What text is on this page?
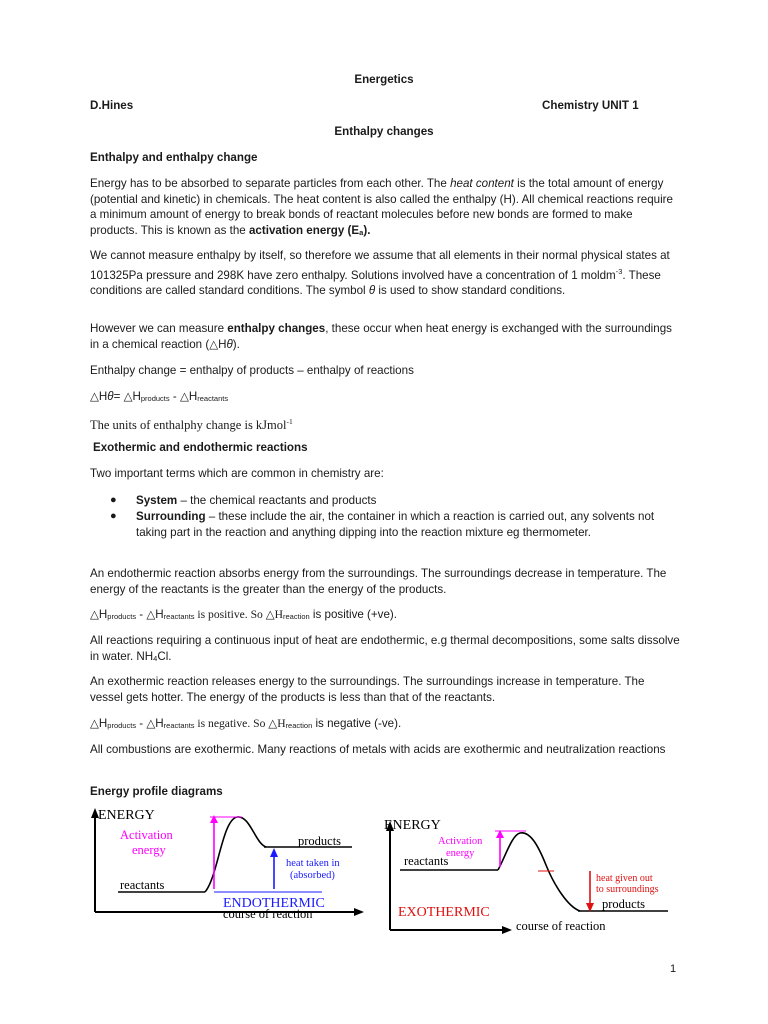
Energetics
D.Hines	Chemistry UNIT 1
Enthalpy changes
Enthalpy and enthalpy change
Energy has to be absorbed to separate particles from each other. The heat content is the total amount of energy (potential and kinetic) in chemicals. The heat content is also called the enthalpy (H). All chemical reactions require a minimum amount of energy to break bonds of reactant molecules before new bonds are formed to make products. This is known as the activation energy (Ea).
We cannot measure enthalpy by itself, so therefore we assume that all elements in their normal physical states at 101325Pa pressure and 298K have zero enthalpy. Solutions involved have a concentration of 1 moldm$^{-3}$. These conditions are called standard conditions. The symbol θ is used to show standard conditions.
However we can measure enthalpy changes, these occur when heat energy is exchanged with the surroundings in a chemical reaction (△Hθ).
Enthalpy change = enthalpy of products – enthalpy of reactions
△Hθ= △Hproducts - △Hreactants
The units of enthalphy change is kJmol$^{-1}$
Exothermic and endothermic reactions
Two important terms which are common in chemistry are:
● System – the chemical reactants and products
● Surrounding – these include the air, the container in which a reaction is carried out, any solvents not taking part in the reaction and anything dipping into the reaction mixture eg thermometer.
An endothermic reaction absorbs energy from the surroundings. The surroundings decrease in temperature. The energy of the reactants is the greater than the energy of the products.
△Hproducts - △Hreactants is positive. So △Hreaction is positive (+ve).
All reactions requiring a continuous input of heat are endothermic, e.g thermal decompositions, some salts dissolve in water. NH4Cl.
An exothermic reaction releases energy to the surroundings. The surroundings increase in temperature. The vessel gets hotter. The energy of the products is less than that of the reactants.
△Hproducts - △Hreactants is negative. So △Hreaction is negative (-ve).
All combustions are exothermic. Many reactions of metals with acids are exothermic and neutralization reactions
Energy profile diagrams
ENERGY
Activation
energy
products
reactants
heat taken in
(absorbed)
ENDOTHERMIC
course of reaction
ENERGY
Activation
energy
reactants
heat given out
to surroundings
products
EXOTHERMIC
course of reaction
1
